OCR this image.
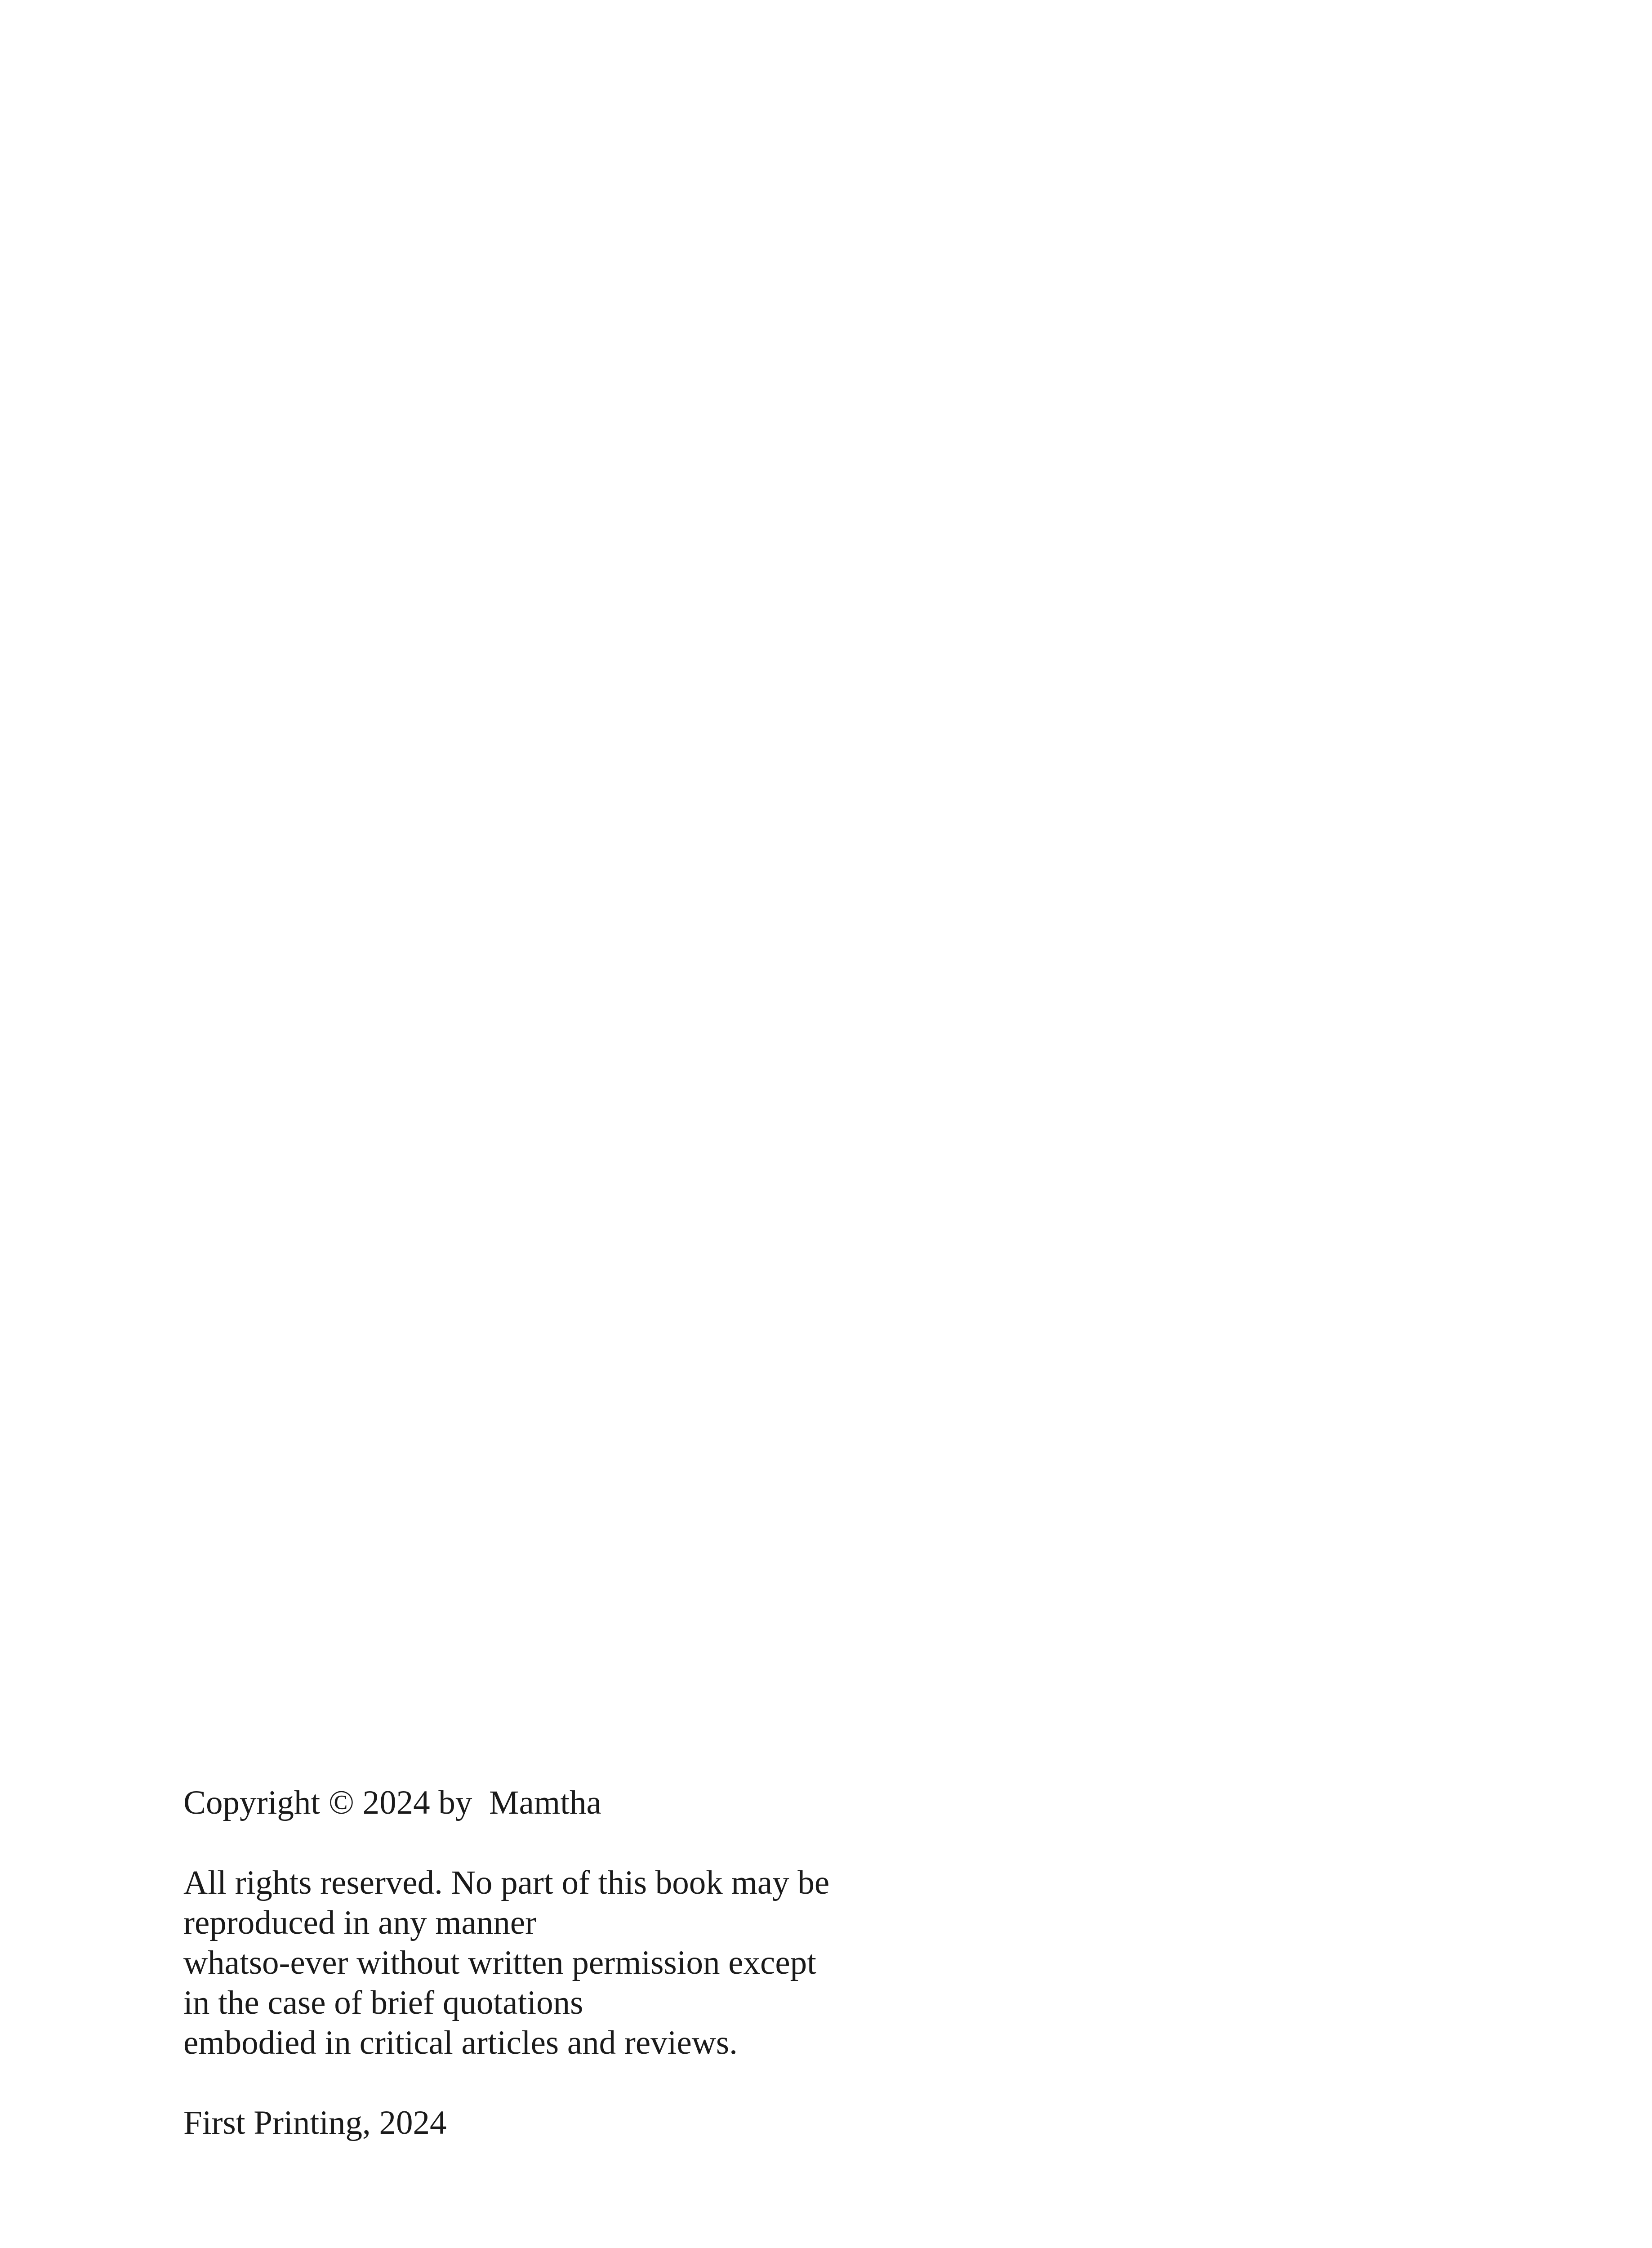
Copyright © 2024 by  Mamtha

All rights reserved. No part of this book may be
reproduced in any manner
whatso-ever without written permission except
in the case of brief quotations
embodied in critical articles and reviews.

First Printing, 2024
